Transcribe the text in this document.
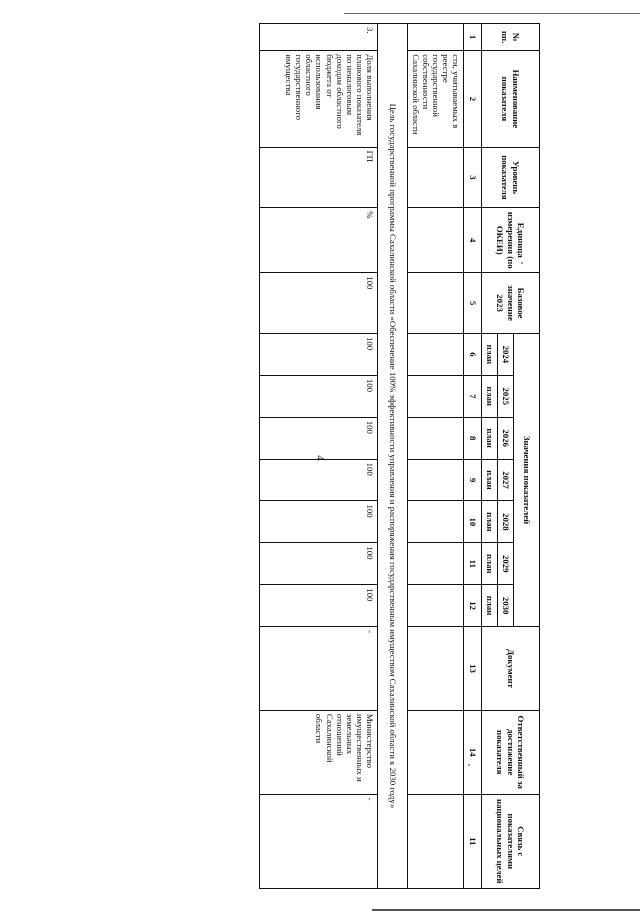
4
№ пп.	Наименование показателя	Уровень показателя	Единица измерения (по ОКЕИ)	Базовое значение 2023	Значения показателей							Документ	Ответственный за достижение показателя	Связь с показателями национальных целей
					2024	2025	2026	2027	2028	2029	2030			
					план	план	план	план	план	план	план			
1	2	3	4	5	6	7	8	9	10	11	12	13	14	11
	сти, учитываемых в реестре государственной собственности Сахалинской области													
Цель государственной программы Сахалинской области «Обеспечение 100% эффективности управления и распоряжения государственным имуществом Сахалинской области к 2030 году»														
3.	Доля выполнения планового показателя по неналоговым доходам областного бюджета от использования областного государственного имущества	ГП	%	100	100	100	100	100	100	100	100	-	Министерство имущественных и земельных отношений Сахалинской области	-
